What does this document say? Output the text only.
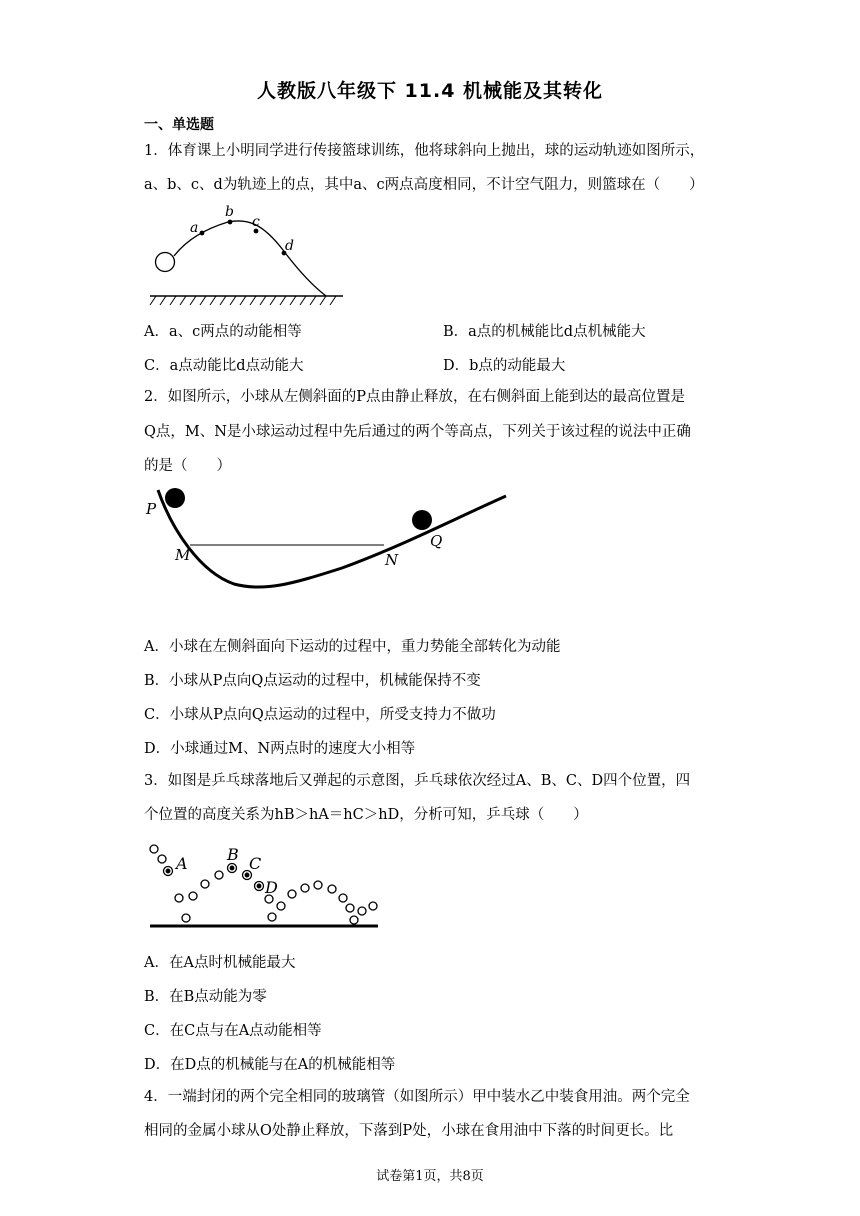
人教版八年级下 11.4 机械能及其转化
一、单选题
1．体育课上小明同学进行传接篮球训练，他将球斜向上抛出，球的运动轨迹如图所示，
a、b、c、d为轨迹上的点，其中a、c两点高度相同，不计空气阻力，则篮球在（　　）
a
b
c
d
A．a、c两点的动能相等	B．a点的机械能比d点机械能大
C．a点动能比d点动能大	D．b点的动能最大
2．如图所示，小球从左侧斜面的P点由静止释放，在右侧斜面上能到达的最高位置是
Q点，M、N是小球运动过程中先后通过的两个等高点，下列关于该过程的说法中正确
的是（　　）
P
M	N
Q
A．小球在左侧斜面向下运动的过程中，重力势能全部转化为动能
B．小球从P点向Q点运动的过程中，机械能保持不变
C．小球从P点向Q点运动的过程中，所受支持力不做功
D．小球通过M、N两点时的速度大小相等
3．如图是乒乓球落地后又弹起的示意图，乒乓球依次经过A、B、C、D四个位置，四
个位置的高度关系为hB＞hA＝hC＞hD，分析可知，乒乓球（　　）
A B C
D
A．在A点时机械能最大
B．在B点动能为零
C．在C点与在A点动能相等
D．在D点的机械能与在A的机械能相等
4．一端封闭的两个完全相同的玻璃管（如图所示）甲中装水乙中装食用油。两个完全
相同的金属小球从O处静止释放，下落到P处，小球在食用油中下落的时间更长。比
试卷第1页，共8页
